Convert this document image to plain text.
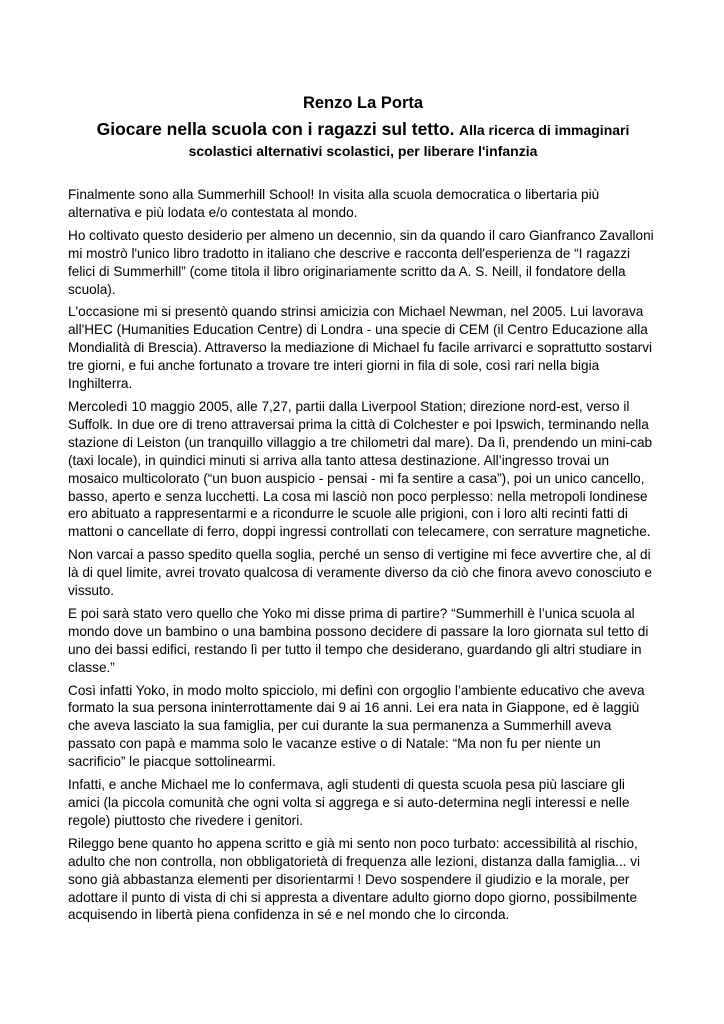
Renzo La Porta
Giocare nella scuola con i ragazzi sul tetto. Alla ricerca di immaginari scolastici alternativi scolastici, per liberare l'infanzia

Finalmente sono alla Summerhill School! In visita alla scuola democratica o libertaria più alternativa e più lodata e/o contestata al mondo.

Ho coltivato questo desiderio per almeno un decennio, sin da quando il caro Gianfranco Zavalloni mi mostrò l'unico libro tradotto in italiano che descrive e racconta dell'esperienza de “I ragazzi felici di Summerhill” (come titola il libro originariamente scritto da A. S. Neill, il fondatore della scuola).

L'occasione mi si presentò quando strinsi amicizia con Michael Newman, nel 2005. Lui lavorava all'HEC (Humanities Education Centre) di Londra - una specie di CEM (il Centro Educazione alla Mondialità di Brescia). Attraverso la mediazione di Michael fu facile arrivarci e soprattutto sostarvi tre giorni, e fui anche fortunato a trovare tre interi giorni in fila di sole, così rari nella bigia Inghilterra.

Mercoledì 10 maggio 2005, alle 7,27, partii dalla Liverpool Station; direzione nord-est, verso il Suffolk. In due ore di treno attraversai prima la città di Colchester e poi Ipswich, terminando nella stazione di Leiston (un tranquillo villaggio a tre chilometri dal mare). Da lì, prendendo un mini-cab (taxi locale), in quindici minuti si arriva alla tanto attesa destinazione. All’ingresso trovai un mosaico multicolorato (“un buon auspicio - pensai - mi fa sentire a casa”), poi un unico cancello, basso, aperto e senza lucchetti. La cosa mi lasciò non poco perplesso: nella metropoli londinese ero abituato a rappresentarmi e a ricondurre le scuole alle prigioni, con i loro alti recinti fatti di mattoni o cancellate di ferro, doppi ingressi controllati con telecamere, con serrature magnetiche.

Non varcai a passo spedito quella soglia, perché un senso di vertigine mi fece avvertire che, al di là di quel limite, avrei trovato qualcosa di veramente diverso da ciò che finora avevo conosciuto e vissuto.

E poi sarà stato vero quello che Yoko mi disse prima di partire? “Summerhill è l’unica scuola al mondo dove un bambino o una bambina possono decidere di passare la loro giornata sul tetto di uno dei bassi edifici, restando lì per tutto il tempo che desiderano, guardando gli altri studiare in classe.”

Così infatti Yoko, in modo molto spicciolo, mi definì con orgoglio l’ambiente educativo che aveva formato la sua persona ininterrottamente dai 9 ai 16 anni. Lei era nata in Giappone, ed è laggiù che aveva lasciato la sua famiglia, per cui durante la sua permanenza a Summerhill aveva passato con papà e mamma solo le vacanze estive o di Natale: “Ma non fu per niente un sacrificio” le piacque sottolinearmi.

Infatti, e anche Michael me lo confermava, agli studenti di questa scuola pesa più lasciare gli amici (la piccola comunità che ogni volta si aggrega e si auto-determina negli interessi e nelle regole) piuttosto che rivedere i genitori.

Rileggo bene quanto ho appena scritto e già mi sento non poco turbato: accessibilità al rischio, adulto che non controlla, non obbligatorietà di frequenza alle lezioni, distanza dalla famiglia... vi sono già abbastanza elementi per disorientarmi ! Devo sospendere il giudizio e la morale, per adottare il punto di vista di chi si appresta a diventare adulto giorno dopo giorno, possibilmente acquisendo in libertà piena confidenza in sé e nel mondo che lo circonda.
